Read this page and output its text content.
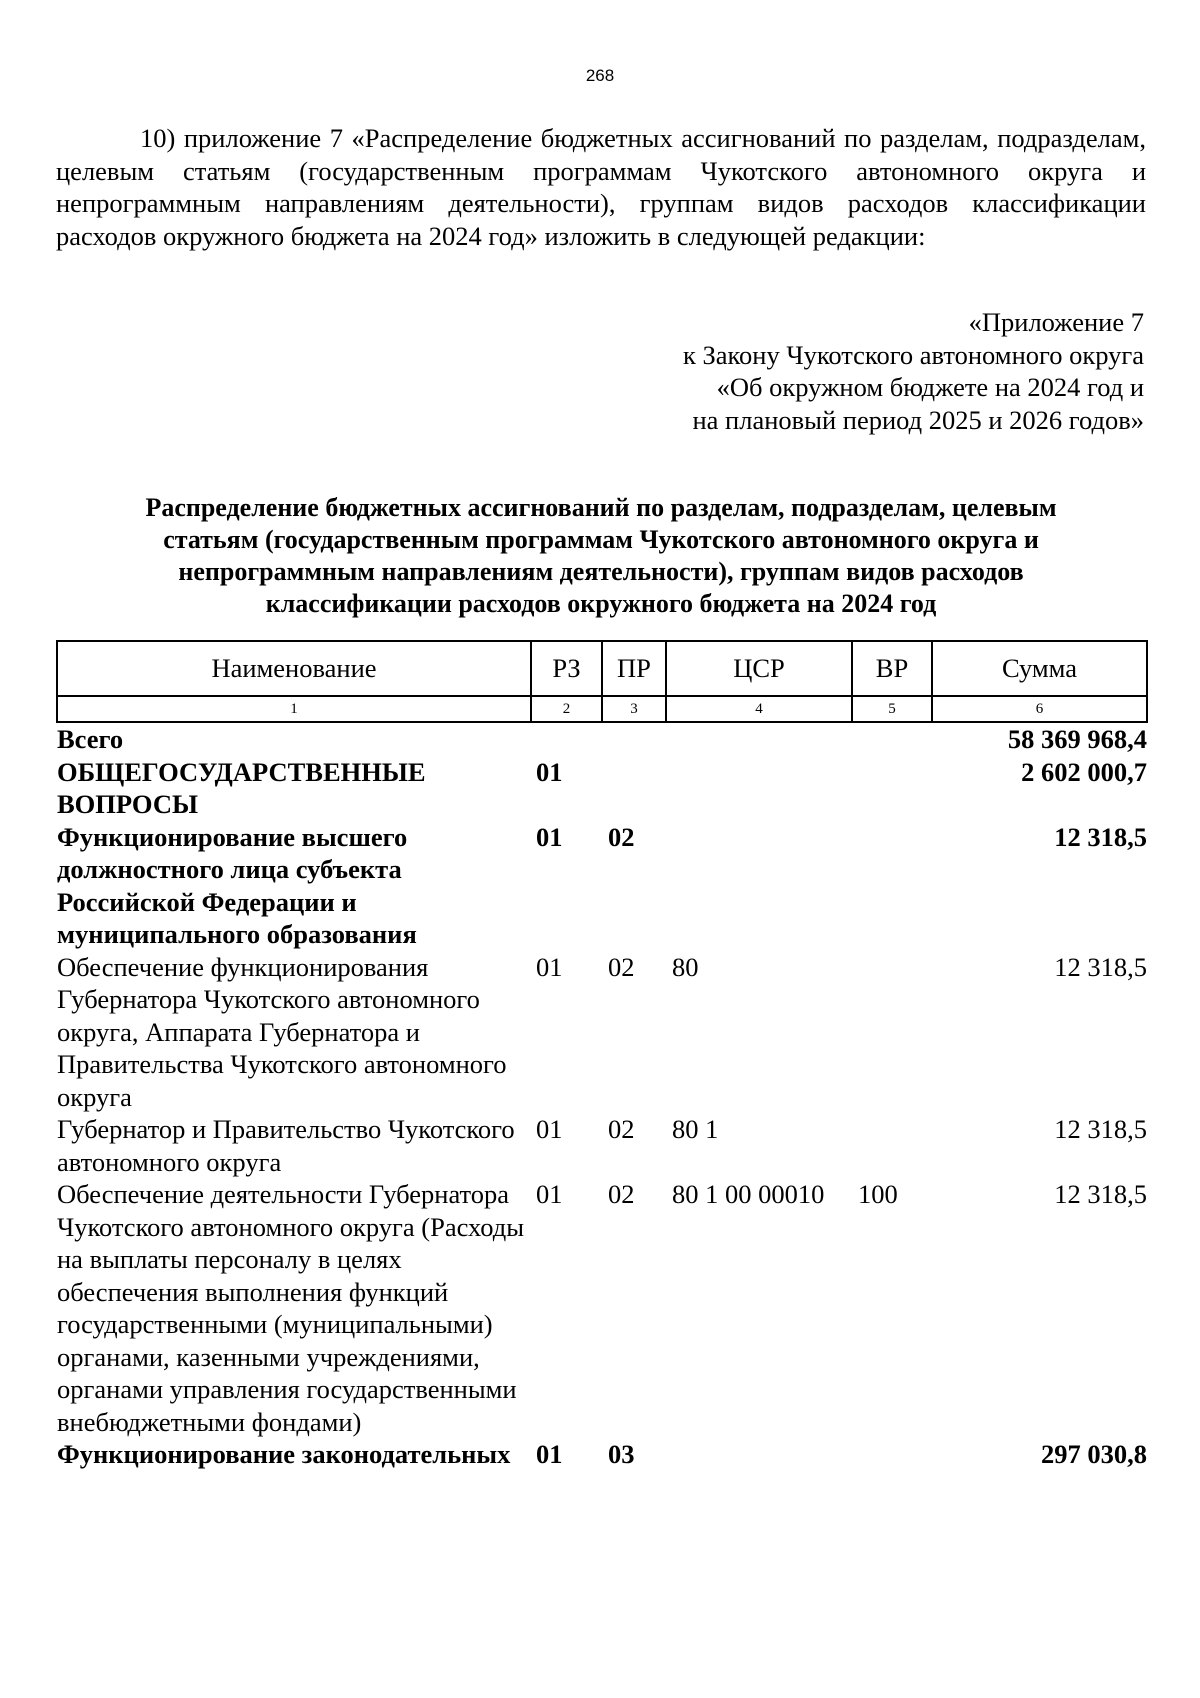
268

10) приложение 7 «Распределение бюджетных ассигнований по разделам, подразделам, целевым статьям (государственным программам Чукотского автономного округа и непрограммным направлениям деятельности), группам видов расходов классификации расходов окружного бюджета на 2024 год» изложить в следующей редакции:

«Приложение 7
к Закону Чукотского автономного округа
«Об окружном бюджете на 2024 год и
на плановый период 2025 и 2026 годов»
Распределение бюджетных ассигнований по разделам, подразделам, целевым
статьям (государственным программам Чукотского автономного округа и
непрограммным направлениям деятельности), группам видов расходов
классификации расходов окружного бюджета на 2024 год
Наименование	РЗ	ПР	ЦСР	ВР	Сумма
1	2	3	4	5	6
Всего					58 369 968,4
ОБЩЕГОСУДАРСТВЕННЫЕ ВОПРОСЫ	01				2 602 000,7
Функционирование высшего должностного лица субъекта Российской Федерации и муниципального образования	01	02			12 318,5
Обеспечение функционирования Губернатора Чукотского автономного округа, Аппарата Губернатора и Правительства Чукотского автономного округа	01	02	80		12 318,5
Губернатор и Правительство Чукотского автономного округа	01	02	80 1		12 318,5
Обеспечение деятельности Губернатора Чукотского автономного округа (Расходы на выплаты персоналу в целях обеспечения выполнения функций государственными (муниципальными) органами, казенными учреждениями, органами управления государственными внебюджетными фондами)	01	02	80 1 00 00010	100	12 318,5
Функционирование законодательных	01	03			297 030,8
